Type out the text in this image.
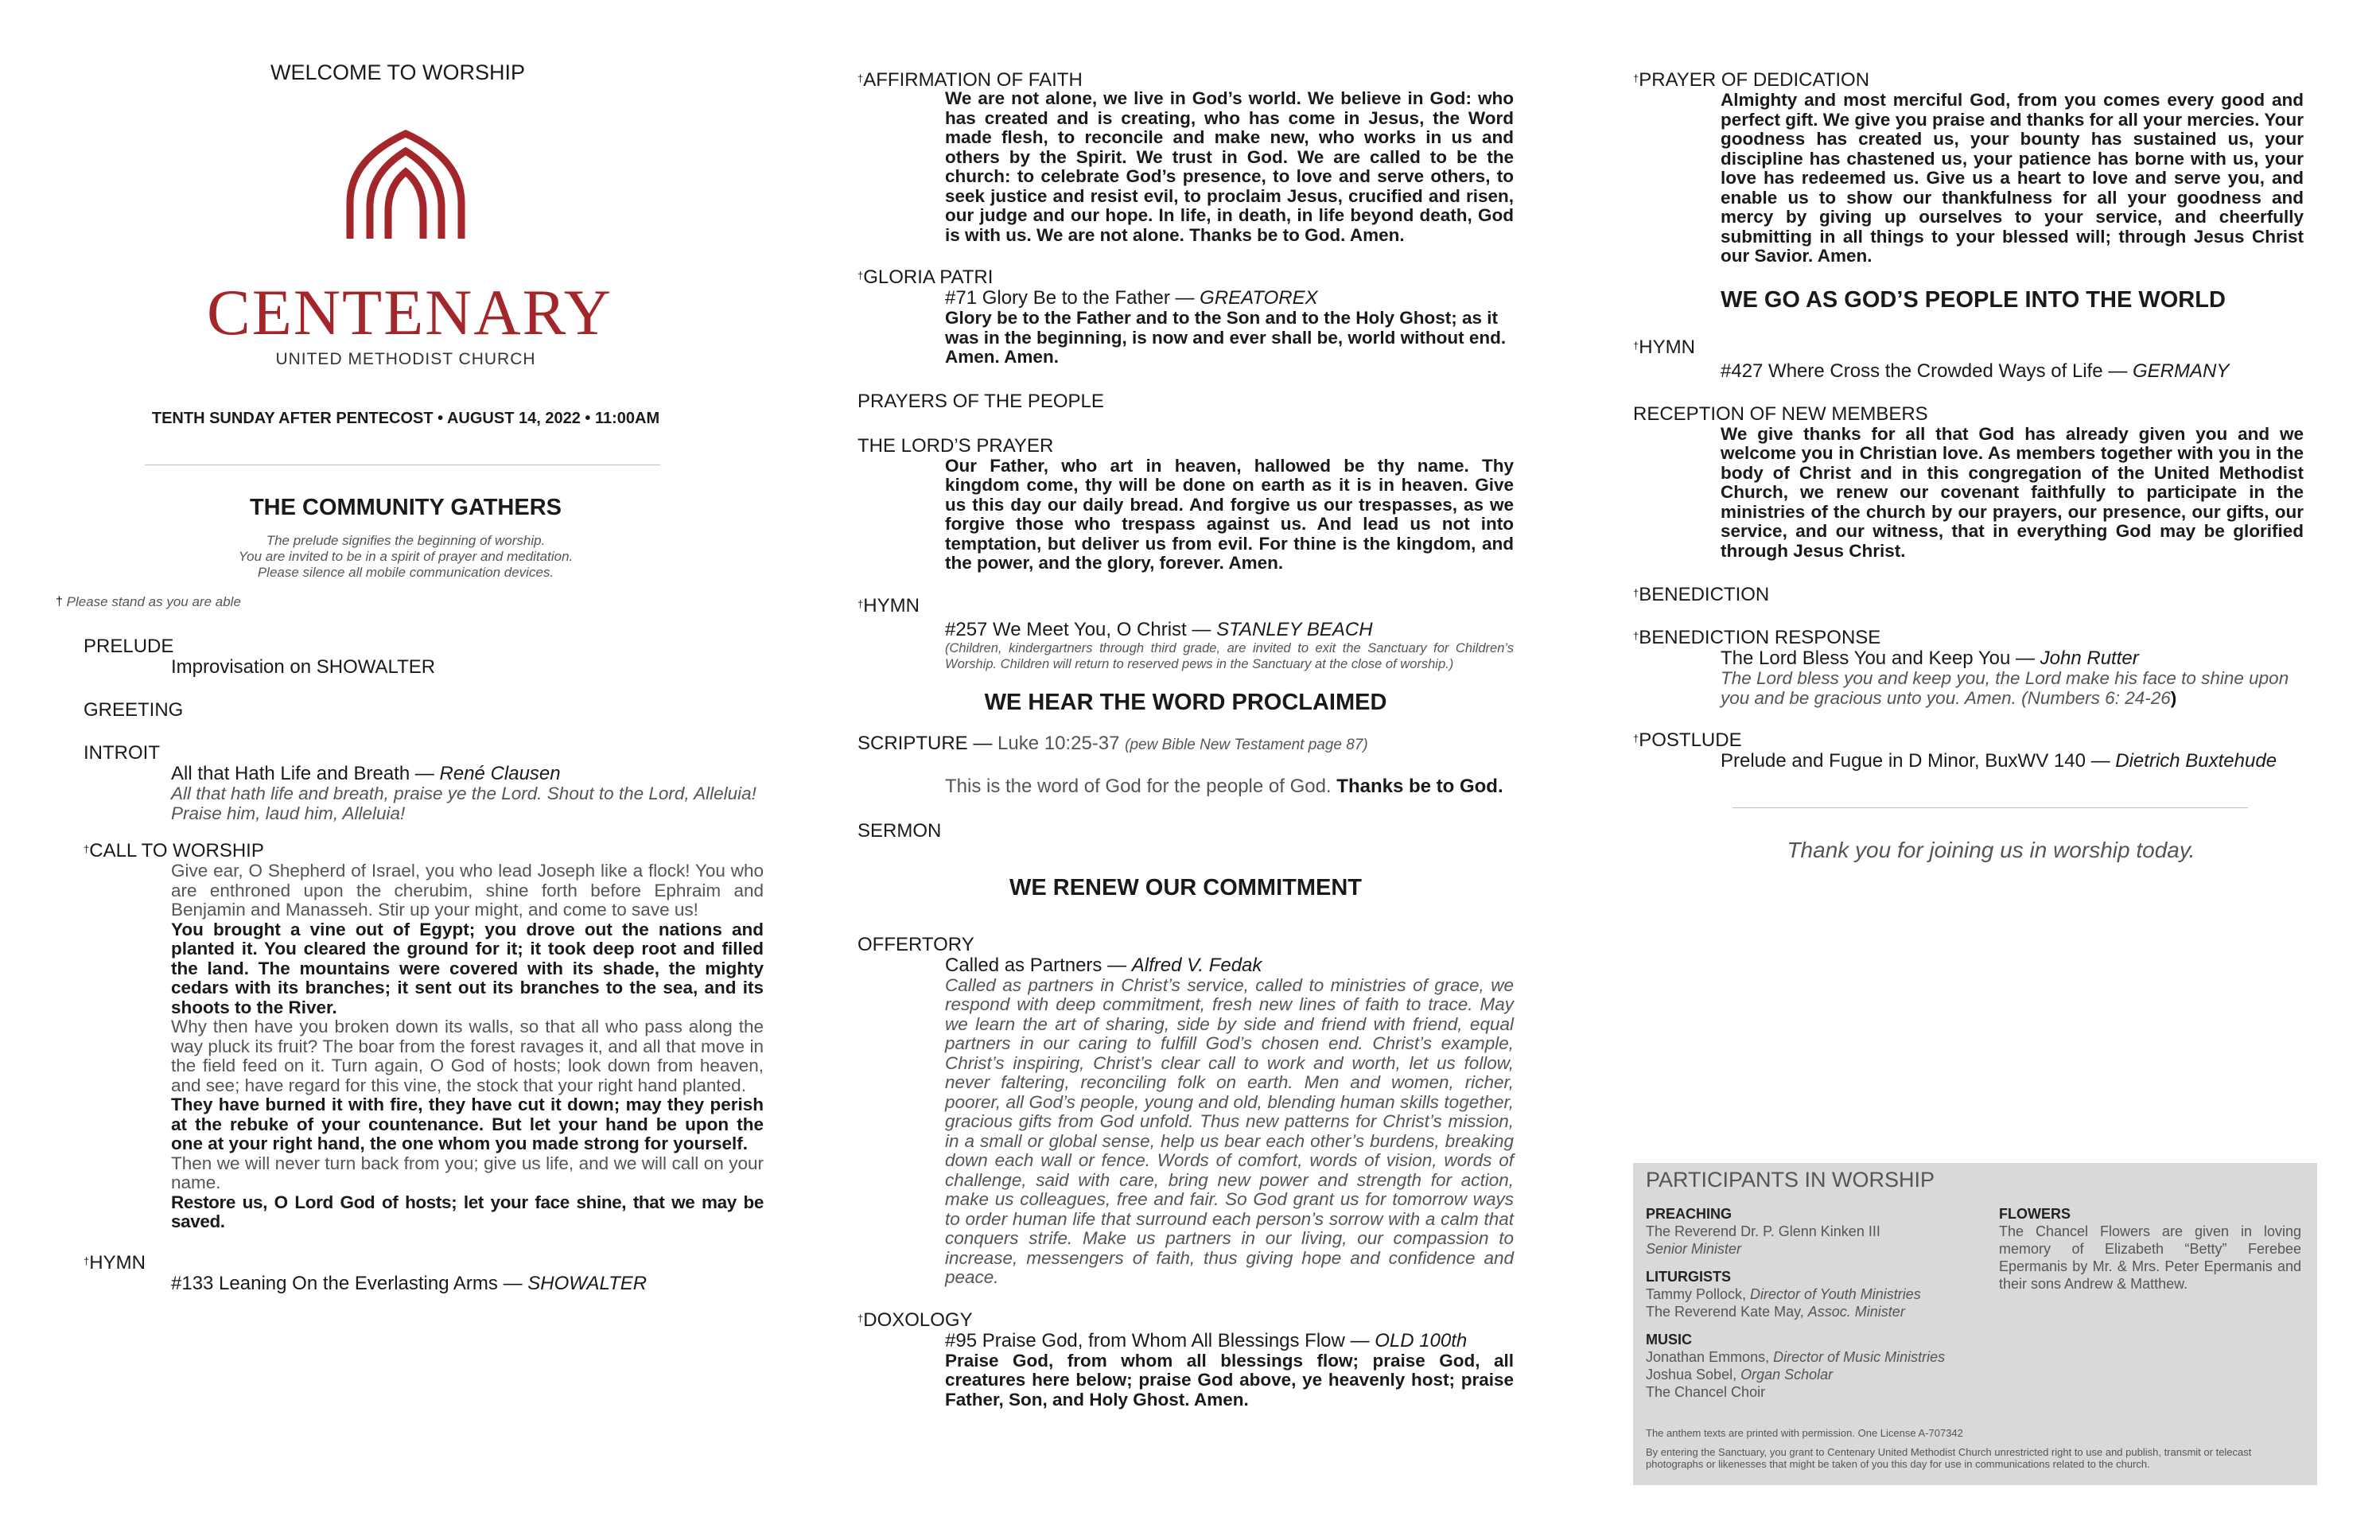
WELCOME TO WORSHIP
CENTENARY
UNITED METHODIST CHURCH
TENTH SUNDAY AFTER PENTECOST • AUGUST 14, 2022 • 11:00AM
THE COMMUNITY GATHERS
The prelude signifies the beginning of worship.
You are invited to be in a spirit of prayer and meditation.
Please silence all mobile communication devices.
† Please stand as you are able
PRELUDE
Improvisation on SHOWALTER
GREETING
INTROIT
All that Hath Life and Breath — René Clausen
All that hath life and breath, praise ye the Lord. Shout to the Lord, Alleluia! Praise him, laud him, Alleluia!
†CALL TO WORSHIP
Give ear, O Shepherd of Israel, you who lead Joseph like a flock! You who are enthroned upon the cherubim, shine forth before Ephraim and Benjamin and Manasseh. Stir up your might, and come to save us!
You brought a vine out of Egypt; you drove out the nations and planted it. You cleared the ground for it; it took deep root and filled the land. The mountains were covered with its shade, the mighty cedars with its branches; it sent out its branches to the sea, and its shoots to the River.
Why then have you broken down its walls, so that all who pass along the way pluck its fruit? The boar from the forest ravages it, and all that move in the field feed on it. Turn again, O God of hosts; look down from heaven, and see; have regard for this vine, the stock that your right hand planted.
They have burned it with fire, they have cut it down; may they perish at the rebuke of your countenance. But let your hand be upon the one at your right hand, the one whom you made strong for yourself.
Then we will never turn back from you; give us life, and we will call on your name.
Restore us, O Lord God of hosts; let your face shine, that we may be saved.
†HYMN
#133 Leaning On the Everlasting Arms — SHOWALTER
†AFFIRMATION OF FAITH
We are not alone, we live in God’s world. We believe in God: who has created and is creating, who has come in Jesus, the Word made flesh, to reconcile and make new, who works in us and others by the Spirit. We trust in God. We are called to be the church: to celebrate God’s presence, to love and serve others, to seek justice and resist evil, to proclaim Jesus, crucified and risen, our judge and our hope. In life, in death, in life beyond death, God is with us. We are not alone. Thanks be to God. Amen.
†GLORIA PATRI
#71 Glory Be to the Father — GREATOREX
Glory be to the Father and to the Son and to the Holy Ghost; as it was in the beginning, is now and ever shall be, world without end. Amen. Amen.
PRAYERS OF THE PEOPLE
THE LORD’S PRAYER
Our Father, who art in heaven, hallowed be thy name. Thy kingdom come, thy will be done on earth as it is in heaven. Give us this day our daily bread. And forgive us our trespasses, as we forgive those who trespass against us. And lead us not into temptation, but deliver us from evil. For thine is the kingdom, and the power, and the glory, forever. Amen.
†HYMN
#257 We Meet You, O Christ — STANLEY BEACH
(Children, kindergartners through third grade, are invited to exit the Sanctuary for Children’s Worship. Children will return to reserved pews in the Sanctuary at the close of worship.)
WE HEAR THE WORD PROCLAIMED
SCRIPTURE — Luke 10:25-37 (pew Bible New Testament page 87)
This is the word of God for the people of God. Thanks be to God.
SERMON
WE RENEW OUR COMMITMENT
OFFERTORY
Called as Partners — Alfred V. Fedak
Called as partners in Christ’s service, called to ministries of grace, we respond with deep commitment, fresh new lines of faith to trace. May we learn the art of sharing, side by side and friend with friend, equal partners in our caring to fulfill God’s chosen end. Christ’s example, Christ’s inspiring, Christ’s clear call to work and worth, let us follow, never faltering, reconciling folk on earth. Men and women, richer, poorer, all God’s people, young and old, blending human skills together, gracious gifts from God unfold. Thus new patterns for Christ’s mission, in a small or global sense, help us bear each other’s burdens, breaking down each wall or fence. Words of comfort, words of vision, words of challenge, said with care, bring new power and strength for action, make us colleagues, free and fair. So God grant us for tomorrow ways to order human life that surround each person’s sorrow with a calm that conquers strife. Make us partners in our living, our compassion to increase, messengers of faith, thus giving hope and confidence and peace.
†DOXOLOGY
#95 Praise God, from Whom All Blessings Flow — OLD 100th
Praise God, from whom all blessings flow; praise God, all creatures here below; praise God above, ye heavenly host; praise Father, Son, and Holy Ghost. Amen.
†PRAYER OF DEDICATION
Almighty and most merciful God, from you comes every good and perfect gift. We give you praise and thanks for all your mercies. Your goodness has created us, your bounty has sustained us, your discipline has chastened us, your patience has borne with us, your love has redeemed us. Give us a heart to love and serve you, and enable us to show our thankfulness for all your goodness and mercy by giving up ourselves to your service, and cheerfully submitting in all things to your blessed will; through Jesus Christ our Savior. Amen.
WE GO AS GOD’S PEOPLE INTO THE WORLD
†HYMN
#427 Where Cross the Crowded Ways of Life — GERMANY
RECEPTION OF NEW MEMBERS
We give thanks for all that God has already given you and we welcome you in Christian love. As members together with you in the body of Christ and in this congregation of the United Methodist Church, we renew our covenant faithfully to participate in the ministries of the church by our prayers, our presence, our gifts, our service, and our witness, that in everything God may be glorified through Jesus Christ.
†BENEDICTION
†BENEDICTION RESPONSE
The Lord Bless You and Keep You — John Rutter
The Lord bless you and keep you, the Lord make his face to shine upon you and be gracious unto you. Amen. (Numbers 6: 24-26)
†POSTLUDE
Prelude and Fugue in D Minor, BuxWV 140 — Dietrich Buxtehude
Thank you for joining us in worship today.
PARTICIPANTS IN WORSHIP
PREACHING
The Reverend Dr. P. Glenn Kinken III
Senior Minister
LITURGISTS
Tammy Pollock, Director of Youth Ministries
The Reverend Kate May, Assoc. Minister
MUSIC
Jonathan Emmons, Director of Music Ministries
Joshua Sobel, Organ Scholar
The Chancel Choir
FLOWERS
The Chancel Flowers are given in loving memory of Elizabeth “Betty” Ferebee Epermanis by Mr. & Mrs. Peter Epermanis and their sons Andrew & Matthew.
The anthem texts are printed with permission. One License A-707342
By entering the Sanctuary, you grant to Centenary United Methodist Church unrestricted right to use and publish, transmit or telecast photographs or likenesses that might be taken of you this day for use in communications related to the church.
